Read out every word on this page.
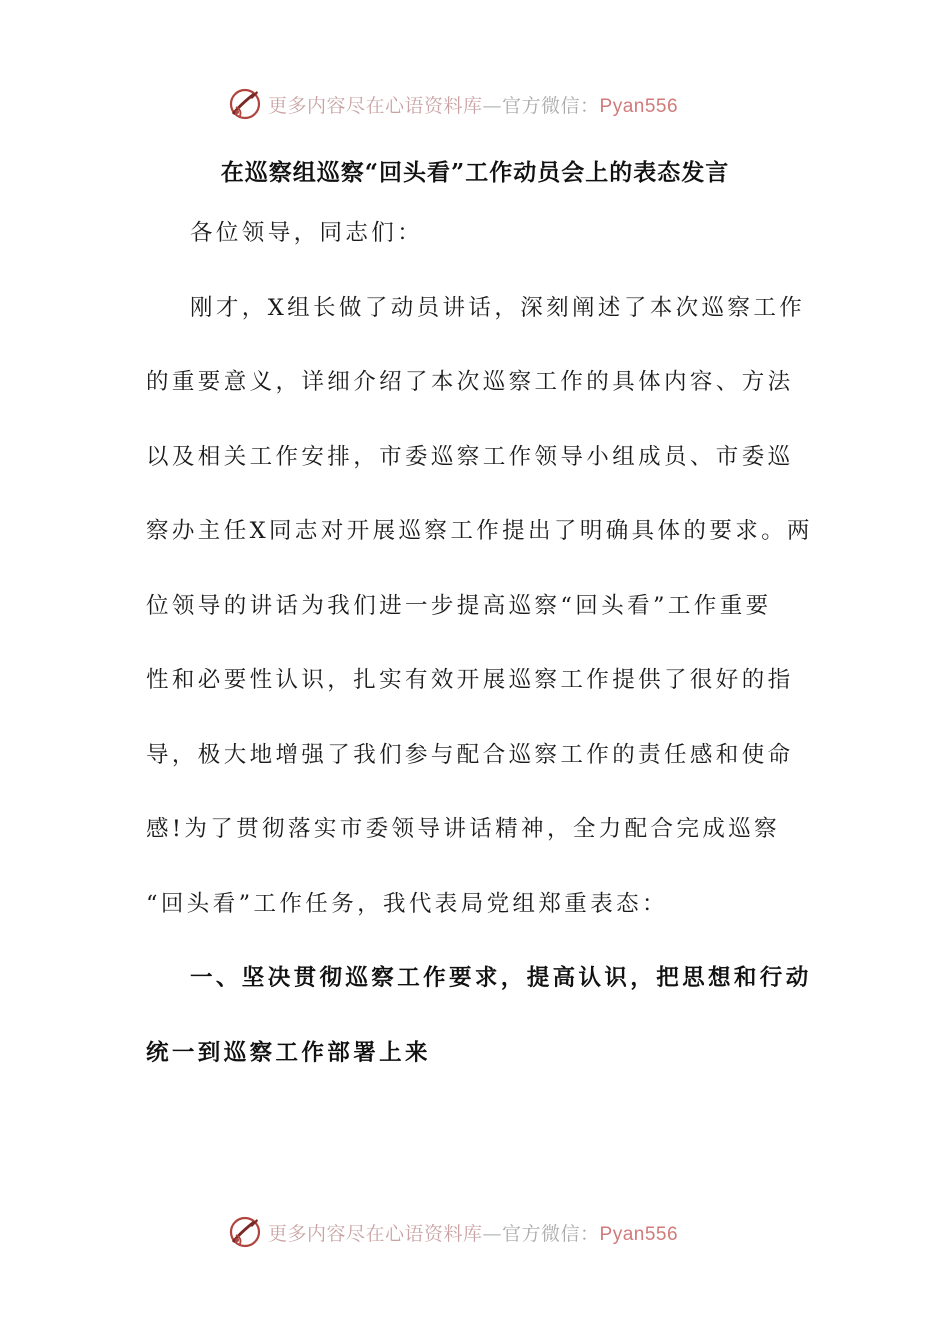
更多内容尽在心语资料库—官方微信：Pyan556
在巡察组巡察“回头看”工作动员会上的表态发言
各位领导，同志们：
刚才，X组长做了动员讲话，深刻阐述了本次巡察工作
的重要意义，详细介绍了本次巡察工作的具体内容、方法
以及相关工作安排，市委巡察工作领导小组成员、市委巡
察办主任X同志对开展巡察工作提出了明确具体的要求。两
位领导的讲话为我们进一步提高巡察“回头看”工作重要
性和必要性认识，扎实有效开展巡察工作提供了很好的指
导，极大地增强了我们参与配合巡察工作的责任感和使命
感!为了贯彻落实市委领导讲话精神，全力配合完成巡察
“回头看”工作任务，我代表局党组郑重表态：
一、坚决贯彻巡察工作要求，提高认识，把思想和行动
统一到巡察工作部署上来
更多内容尽在心语资料库—官方微信：Pyan556
